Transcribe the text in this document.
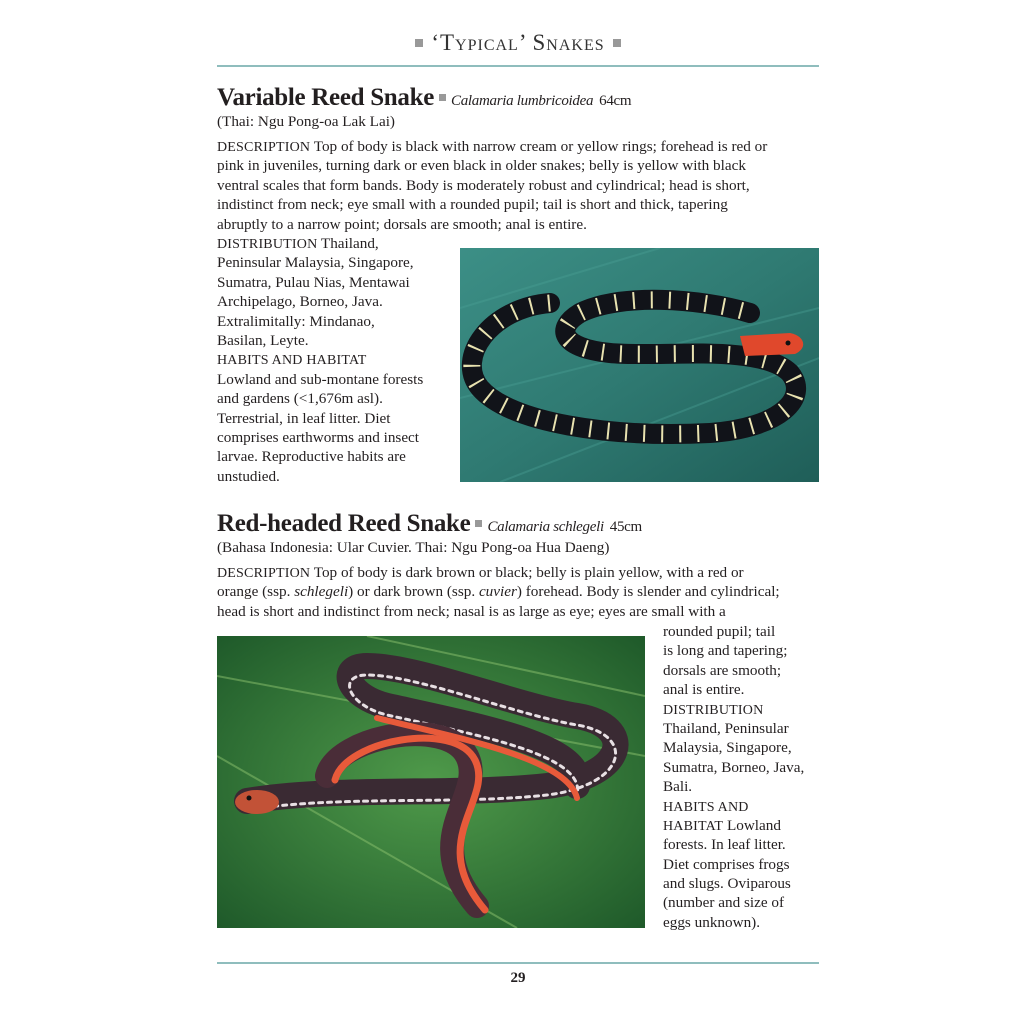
‘Typical’ Snakes
Variable Reed Snake Calamaria lumbricoidea 64cm
(Thai: Ngu Pong-oa Lak Lai)
DESCRIPTION Top of body is black with narrow cream or yellow rings; forehead is red or
pink in juveniles, turning dark or even black in older snakes; belly is yellow with black
ventral scales that form bands. Body is moderately robust and cylindrical; head is short,
indistinct from neck; eye small with a rounded pupil; tail is short and thick, tapering
abruptly to a narrow point; dorsals are smooth; anal is entire.
DISTRIBUTION Thailand,
Peninsular Malaysia, Singapore,
Sumatra, Pulau Nias, Mentawai
Archipelago, Borneo, Java.
Extralimitally: Mindanao,
Basilan, Leyte.
HABITS AND HABITAT
Lowland and sub-montane forests
and gardens (<1,676m asl).
Terrestrial, in leaf litter. Diet
comprises earthworms and insect
larvae. Reproductive habits are
unstudied.
Red-headed Reed Snake Calamaria schlegeli 45cm
(Bahasa Indonesia: Ular Cuvier. Thai: Ngu Pong-oa Hua Daeng)
DESCRIPTION Top of body is dark brown or black; belly is plain yellow, with a red or
orange (ssp. schlegeli) or dark brown (ssp. cuvier) forehead. Body is slender and cylindrical;
head is short and indistinct from neck; nasal is as large as eye; eyes are small with a
rounded pupil; tail
is long and tapering;
dorsals are smooth;
anal is entire.
DISTRIBUTION
Thailand, Peninsular
Malaysia, Singapore,
Sumatra, Borneo, Java,
Bali.
HABITS AND
HABITAT Lowland
forests. In leaf litter.
Diet comprises frogs
and slugs. Oviparous
(number and size of
eggs unknown).
29
